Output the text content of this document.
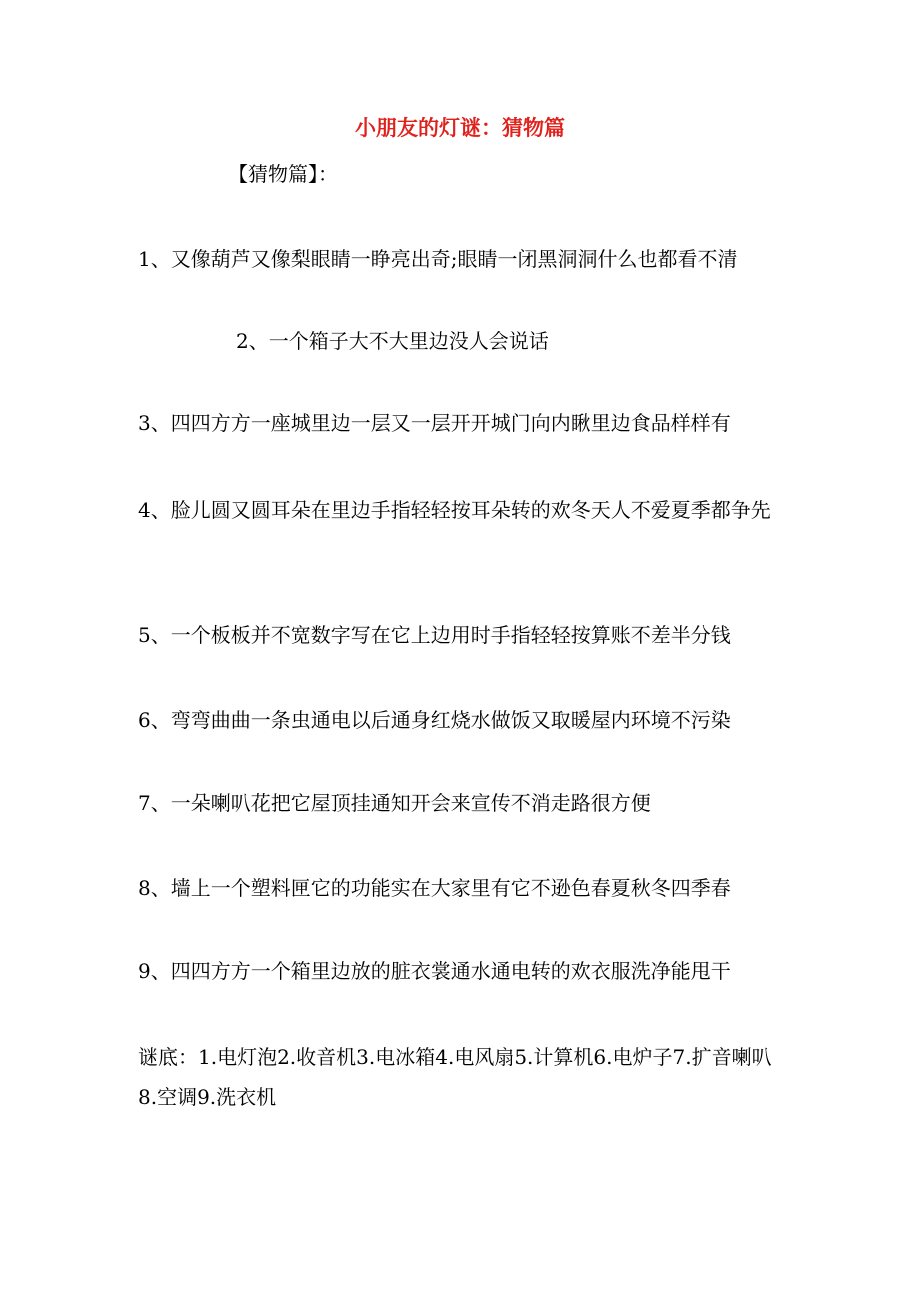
小朋友的灯谜：猜物篇

【猜物篇】：

1、又像葫芦又像梨眼睛一睁亮出奇;眼睛一闭黑洞洞什么也都看不清

2、一个箱子大不大里边没人会说话

3、四四方方一座城里边一层又一层开开城门向内瞅里边食品样样有

4、脸儿圆又圆耳朵在里边手指轻轻按耳朵转的欢冬天人不爱夏季都争先

5、一个板板并不宽数字写在它上边用时手指轻轻按算账不差半分钱

6、弯弯曲曲一条虫通电以后通身红烧水做饭又取暖屋内环境不污染

7、一朵喇叭花把它屋顶挂通知开会来宣传不消走路很方便

8、墙上一个塑料匣它的功能实在大家里有它不逊色春夏秋冬四季春

9、四四方方一个箱里边放的脏衣裳通水通电转的欢衣服洗净能甩干

谜底：1.电灯泡2.收音机3.电冰箱4.电风扇5.计算机6.电炉子7.扩音喇叭8.空调9.洗衣机
